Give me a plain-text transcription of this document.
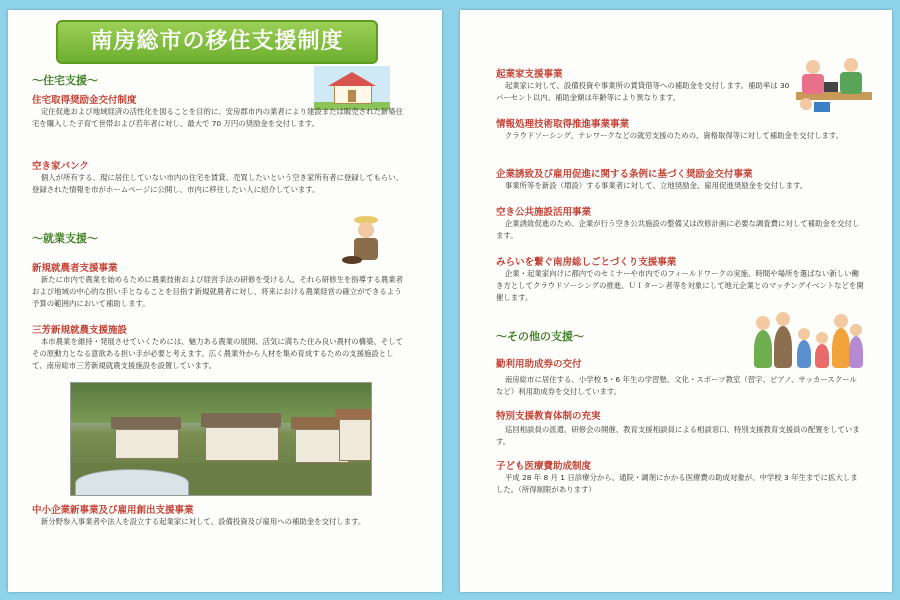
南房総市の移住支援制度
～住宅支援～
住宅取得奨励金交付制度
定住促進および地域経済の活性化を図ることを目的に、安房郡市内の業者により建設または販売された新築住宅を購入した子育て世帯および若年者に対し、最大で 70 万円の奨励金を交付します。
空き家バンク
個人が所有する、現に居住していない市内の住宅を賃貸、売買したいという空き家所有者に登録してもらい、 登録された情報を市がホームページに公開し、市内に移住したい人に紹介しています。
～就業支援～
新規就農者支援事業
新たに市内で農業を始めるために農業技術および経営手法の研修を受ける人、それら研修生を指導する農業者および地域の中心的な担い手となることを目指す新規就農者に対し、将来における農業経営の確立ができるよう予算の範囲内において補助します。
三芳新規就農支援施設
本市農業を維持・発展させていくためには、魅力ある農業の展開、活気に満ちた住み良い農村の構築、そしてその原動力となる意欲ある担い手が必要と考えます。広く農業外から人材を集め育成するための支援施設として、南房総市三芳新規就農支援施設を設置しています。
中小企業新事業及び雇用創出支援事業
新分野参入事業者や法人を設立する起業家に対して、設備投資及び雇用への補助金を交付します。
起業家支援事業
起業家に対して、設備投資や事業所の賃貸借等への補助金を交付します。補助率は 30 パーセント以内、補助金額は年齢等により異なります。
情報処理技術取得推進事業事業
クラウドソーシング、テレワークなどの就労支援のための、資格取得等に対して補助金を交付します。
企業誘致及び雇用促進に関する条例に基づく奨励金交付事業
事業所等を新設（増設）する事業者に対して、立地奨励金、雇用促進奨励金を交付します。
空き公共施設活用事業
企業誘致促進のため、企業が行う空き公共施設の整備又は改修計画に必要な調査費に対して補助金を交付します。
みらいを繋ぐ南房総しごとづくり支援事業
企業・起業家向けに都内でのセミナーや市内でのフィールドワークの実施、時間や場所を選ばない新しい働き方としてクラウドソーシングの推進、ＵＩターン者等を対象にして地元企業とのマッチングイベントなどを開催します。
～その他の支援～
勤利用助成券の交付
南房総市に居住する、小学校 5・6 年生の学習塾、文化・スポーツ教室（習字、ピアノ、サッカースクールなど）利用助成券を交付しています。
特別支援教育体制の充実
巡回相談員の派遣、研修会の開催、教育支援相談員による相談窓口、特別支援教育支援員の配置をしています。
子ども医療費助成制度
平成 28 年 8 月 1 日診療分から、通院・調剤にかかる医療費の助成対象が、中学校 3 年生までに拡大しました。（所得制限があります）
